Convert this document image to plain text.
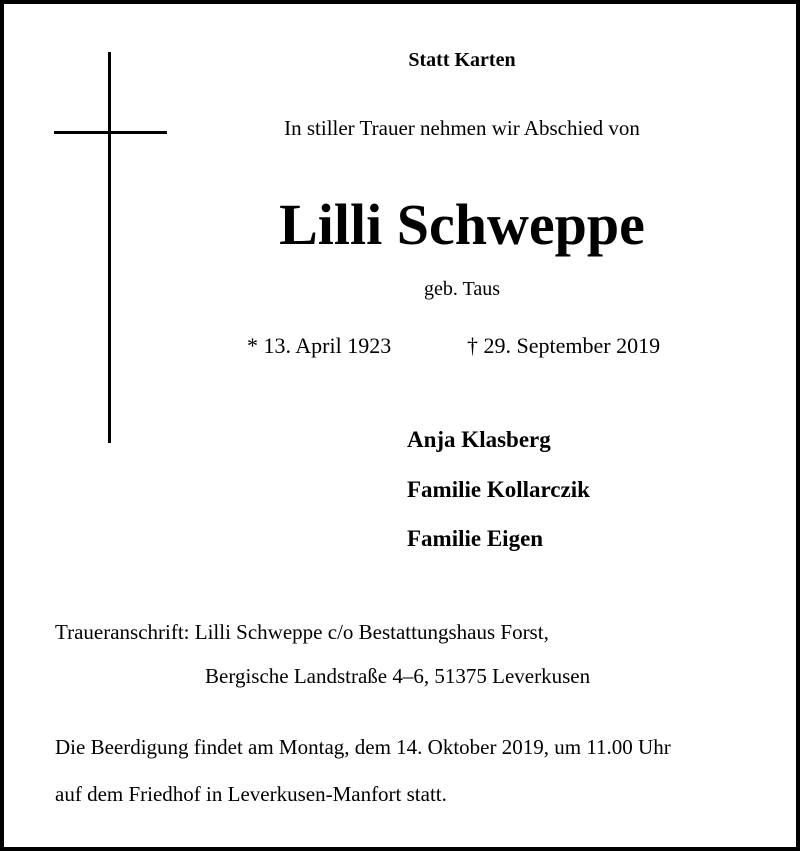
Statt Karten
In stiller Trauer nehmen wir Abschied von
Lilli Schweppe
geb. Taus
* 13. April 1923	† 29. September 2019
Anja Klasberg
Familie Kollarczik
Familie Eigen
Traueranschrift: Lilli Schweppe c/o Bestattungshaus Forst,
Bergische Landstraße 4–6, 51375 Leverkusen
Die Beerdigung findet am Montag, dem 14. Oktober 2019, um 11.00 Uhr
auf dem Friedhof in Leverkusen-Manfort statt.
